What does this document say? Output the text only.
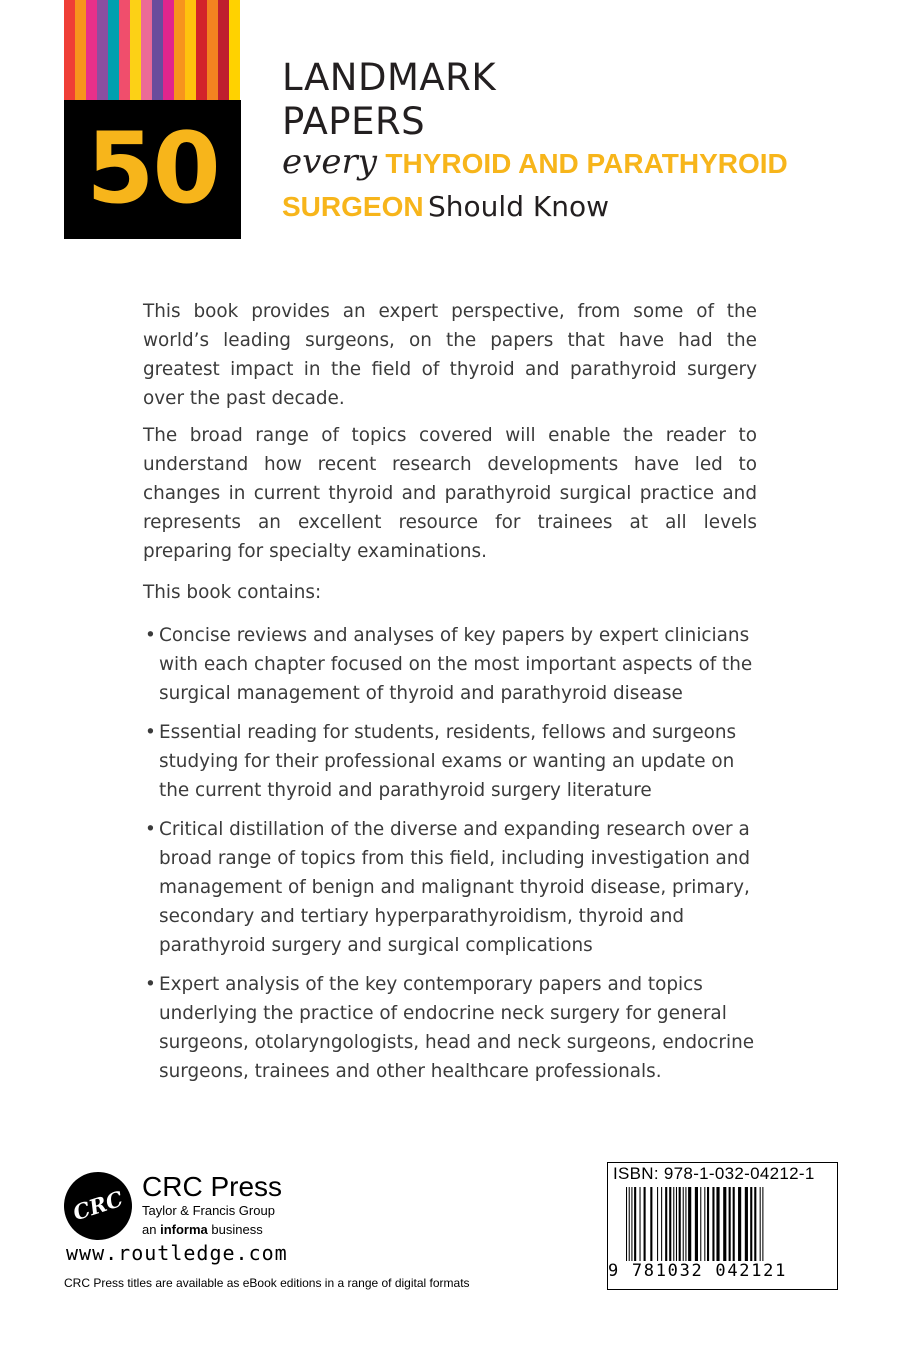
50
LANDMARK
PAPERS
every THYROID AND PARATHYROID
SURGEON Should Know

This book provides an expert perspective, from some of the world’s leading surgeons, on the papers that have had the greatest impact in the field of thyroid and parathyroid surgery over the past decade.

The broad range of topics covered will enable the reader to understand how recent research developments have led to changes in current thyroid and parathyroid surgical practice and represents an excellent resource for trainees at all levels preparing for specialty examinations.

This book contains:

• Concise reviews and analyses of key papers by expert clinicians with each chapter focused on the most important aspects of the surgical management of thyroid and parathyroid disease
• Essential reading for students, residents, fellows and surgeons studying for their professional exams or wanting an update on the current thyroid and parathyroid surgery literature
• Critical distillation of the diverse and expanding research over a broad range of topics from this field, including investigation and management of benign and malignant thyroid disease, primary, secondary and tertiary hyperparathyroidism, thyroid and parathyroid surgery and surgical complications
• Expert analysis of the key contemporary papers and topics underlying the practice of endocrine neck surgery for general surgeons, otolaryngologists, head and neck surgeons, endocrine surgeons, trainees and other healthcare professionals.
CRC CRC Press
Taylor & Francis Group
an informa business
www.routledge.com
CRC Press titles are available as eBook editions in a range of digital formats
ISBN: 978-1-032-04212-1
9 781032 042121
